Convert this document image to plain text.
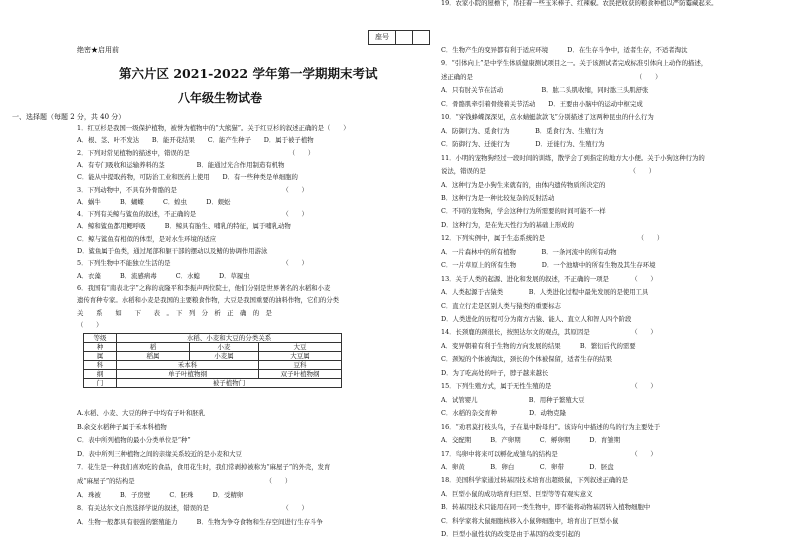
座号
绝密★启用前
第六片区 2021-2022 学年第一学期期末考试
八年级生物试卷
一、选择题（每题 2 分，共 40 分）
1．红豆杉是我国一级保护植物，被誉为植物中的“大熊猫”。关于红豆杉的叙述正确的是（　　）
A．根、茎、叶不发达　　B．能开花结果　　C．能产生种子　　D．属于被子植物
2．下列对常见植物的描述中，错误的是　　　　　　　　　　　　　　　　（　　）
A．有专门吸收和运输养料的茎　　　　　B．能通过光合作用制造有机物
C．能从中提取药物，可防治工业和医药上使用　　D．有一些种类是单细胞的
3．下列动物中，不具有外骨骼的是　　　　　　　　　　　　　　　　　（　　）
A．蜗牛　　　B．蝴蝶　　　C．蝗虫　　　D．蜈蚣
4．下列有关鲸与鲨鱼的叙述，不正确的是　　　　　　　　　　　　　　（　　）
A．鲸和鲨鱼都用鳃呼吸　　　B．鲸具有胎生、哺乳的特征，属于哺乳动物
C．鲸与鲨鱼有相似的体型，是对水生环境的适应
D．鲨鱼属于鱼类，通过尾部和躯干部的摆动以及鳍的协调作用游泳
5．下列生物中不能独立生活的是　　　　　　　　　　　　　　　　　　（　　）
A．衣藻　　　B．流感病毒　　　C．水螅　　　D．草履虫
6．我国有“南表北宇”之称的袁隆平和李振声两位院士，他们分别是世界著名的水稻和小麦
遗传育种专家。水稻和小麦是我国的主要粮食作物，大豆是我国重要的油料作物，它们的分类
关　　系　　如　　下　　表　。　下　列　分　析　正　确　的　是
（　　）
A.水稻、小麦、大豆的种子中均有子叶和胚乳
B.余交水稻种子属于禾本科植物
C．表中所列植物的最小分类单位是“种”
D．表中所列三种植物之间的亲缘关系较近的是小麦和大豆
7．花生是一种我们喜欢吃的食品，食用花生时，我们常剥掉被称为“麻屋子”的外壳，发育
成“麻屋子”的结构是　　　　　　　　　　　　　　　　　　　　　（　　）
A．珠被　　　B．子房壁　　　C．胚珠　　　D．受精卵
8．有关达尔文自然选择学说的叙述，错误的是　　　　　　　　　　　　（　　）
A．生物一般都具有很强的繁殖能力　　　B．生物为争夺食物和生存空间进行生存斗争
等级	水稻、小麦和大豆的分类关系		
种	稻	小麦	大豆
属	稻属	小麦属	大豆属
科	禾本科		豆科
纲	单子叶植物纲		双子叶植物纲
门	被子植物门		
C．生物产生的变异都有利于适应环境　　　D．在生存斗争中，适者生存，不适者淘汰
9．“引体向上”是中学生体质健康测试项目之一。关于该测试者完成标准引体向上动作的描述，
述正确的是　　　　　　　　　　　　　　　　　　　　　　　　　　（　　）
A．只有肘关节在活动　　　　　　B．肱二头肌收缩，同时肱三头肌舒张
C．骨骼肌牵引着骨绕着关节活动　　D．王要由小脑中的运动中枢完成
10．“穿钱蜂蝶深深见，点水蜻蜓款款飞”分别描述了这两种昆虫的什么行为
A．防御行为、觅食行为　　　　B．觅食行为、生殖行为
C．防御行为、迁徙行为　　　　D．迁徙行为、生殖行为
11．小明的宠物狗经过一段时间的训练，散学会了到指定的地方大小便。关于小狗这种行为的
说法，错误的是　　　　　　　　　　　　　　　　　　　　　　　（　　）
A．这种行为是小狗生来就有的，由体内遗传物质所决定的
B．这种行为是一种比较复杂的反射活动
C．不同的宠物狗，学会这种行为所需要的时间可能不一样
D．这种行为，是在先天性行为的基础上形成的
12．下列实例中，属于生态系统的是　　　　　　　　　　　　　　　（　　）
A．一片森林中的所有植物　　　　B．一条河流中的所有动物
C．一片草原上的所有生物　　　　D．一个池塘中的所有生物及其生存环境
13．关于人类的起源、进化和发展的叙述，不正确的一项是　　　　（　　）
A．人类起源于古猿类　　　　B．人类进化过程中最先发展的是使用工具
C．直立行走是区别人类与猿类的重要标志
D．人类进化的历程可分为南方古猿、能人、直立人和智人四个阶段
14．长颈鹿的颈很长，按照达尔文的观点，其原因是　　　　　　　（　　）
A．变异朝着有利于生物的方向发展的结果　　　B．繁衍后代的需要
C．颈短的个体被淘汰，颈长的个体被保留，适者生存的结果
D．为了吃高处的叶子，脖子越来越长
15．下列生殖方式，属于无性生殖的是　　　　　　　　　　　　　（　　）
A．试管婴儿　　　　　　　　B．用种子繁殖大豆
C．水稻的杂交育种　　　　　D．动物克隆
16．“劝君莫打枝头鸟，子在巢中盼母归”。该诗句中描述的鸟的行为主要处于
A．交配期　　　B．产卵期　　　C．孵卵期　　　D．育雏期
17．鸟卵中将来可以孵化成雏鸟的结构是　　　　　　　　　　　　（　　）
A．卵黄　　　　B．卵白　　　　C．卵带　　　　D．胚盘
18．美国科学家通过转基因技术培育出超级鼠，下列叙述正确的是
A．巨型小鼠的成功培育归巨型、巨型等等有观实意义
B．转基因技术只能用在同一类生物中，即不能将动物基因转入植物细胞中
C．科学家将大鼠细胞核移入小鼠卵细胞中，培育出了巨型小鼠
D．巨型小鼠性状的改变是由于基因的改变引起的
19．农家小院的屋檐下，吊挂着一些玉米棒子、红辣椒。农民把收获的粮食种植以严防霉藏起来。
